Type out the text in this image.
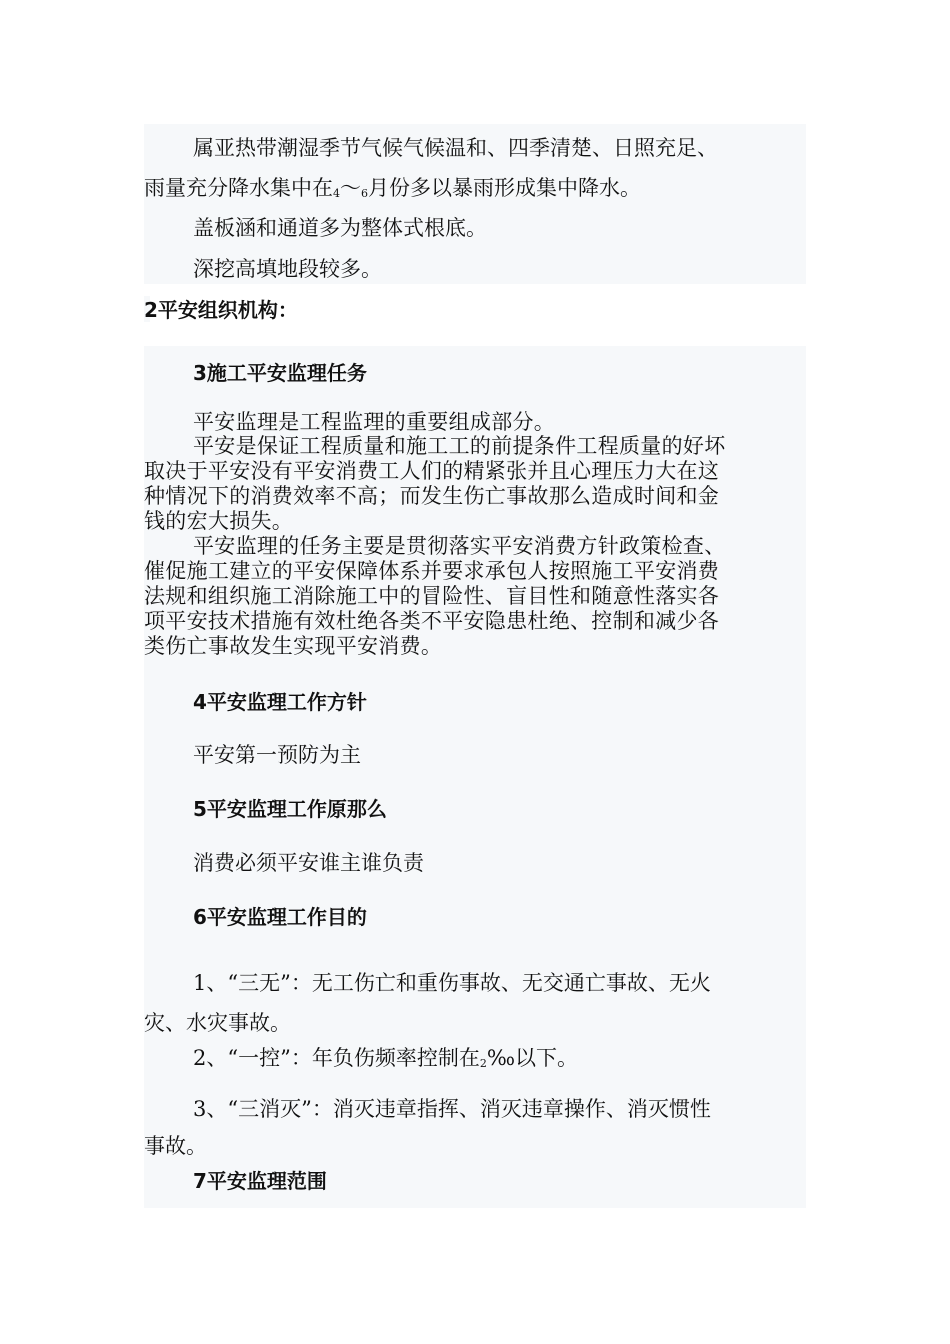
属亚热带潮湿季节气候气候温和、四季清楚、日照充足、
雨量充分降水集中在4～6月份多以暴雨形成集中降水。
盖板涵和通道多为整体式根底。
深挖高填地段较多。
2平安组织机构：
3施工平安监理任务
平安监理是工程监理的重要组成部分。
平安是保证工程质量和施工工的前提条件工程质量的好坏
取决于平安没有平安消费工人们的精紧张并且心理压力大在这
种情况下的消费效率不高；而发生伤亡事故那么造成时间和金
钱的宏大损失。
平安监理的任务主要是贯彻落实平安消费方针政策检查、
催促施工建立的平安保障体系并要求承包人按照施工平安消费
法规和组织施工消除施工中的冒险性、盲目性和随意性落实各
项平安技术措施有效杜绝各类不平安隐患杜绝、控制和减少各
类伤亡事故发生实现平安消费。
4平安监理工作方针
平安第一预防为主
5平安监理工作原那么
消费必须平安谁主谁负责
6平安监理工作目的
1、“三无”：无工伤亡和重伤事故、无交通亡事故、无火
灾、水灾事故。
2、“一控”：年负伤频率控制在2‰以下。
3、“三消灭”：消灭违章指挥、消灭违章操作、消灭惯性
事故。
7平安监理范围
